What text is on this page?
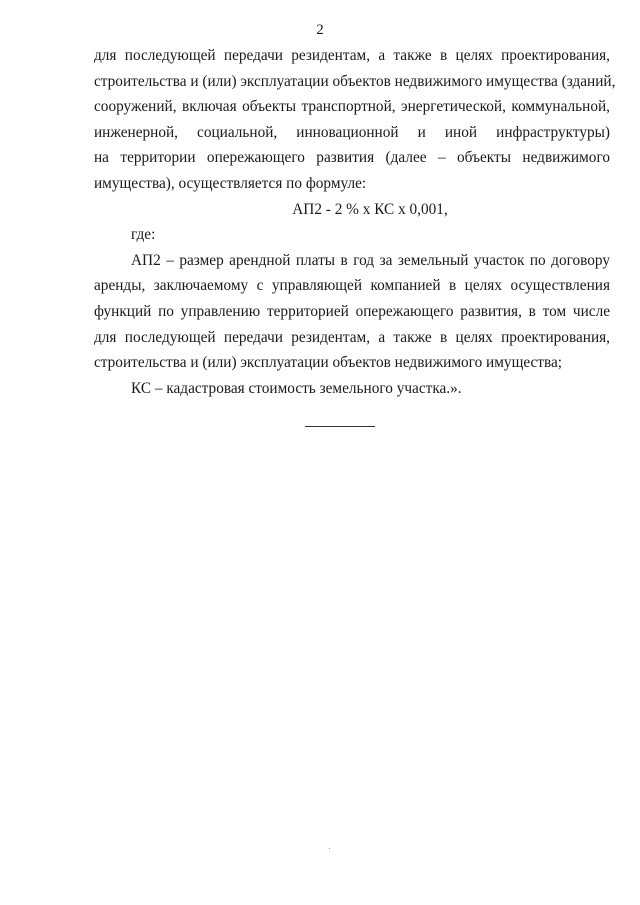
2
для последующей передачи резидентам, а также в целях проектирования,
строительства и (или) эксплуатации объектов недвижимого имущества (зданий,
сооружений, включая объекты транспортной, энергетической, коммунальной,
инженерной, социальной, инновационной и иной инфраструктуры)
на территории опережающего развития (далее – объекты недвижимого
имущества), осуществляется по формуле:
АП2 - 2 % х КС х 0,001,
где:
АП2 – размер арендной платы в год за земельный участок по договору
аренды, заключаемому с управляющей компанией в целях осуществления
функций по управлению территорией опережающего развития, в том числе
для последующей передачи резидентам, а также в целях проектирования,
строительства и (или) эксплуатации объектов недвижимого имущества;
КС – кадастровая стоимость земельного участка.».
